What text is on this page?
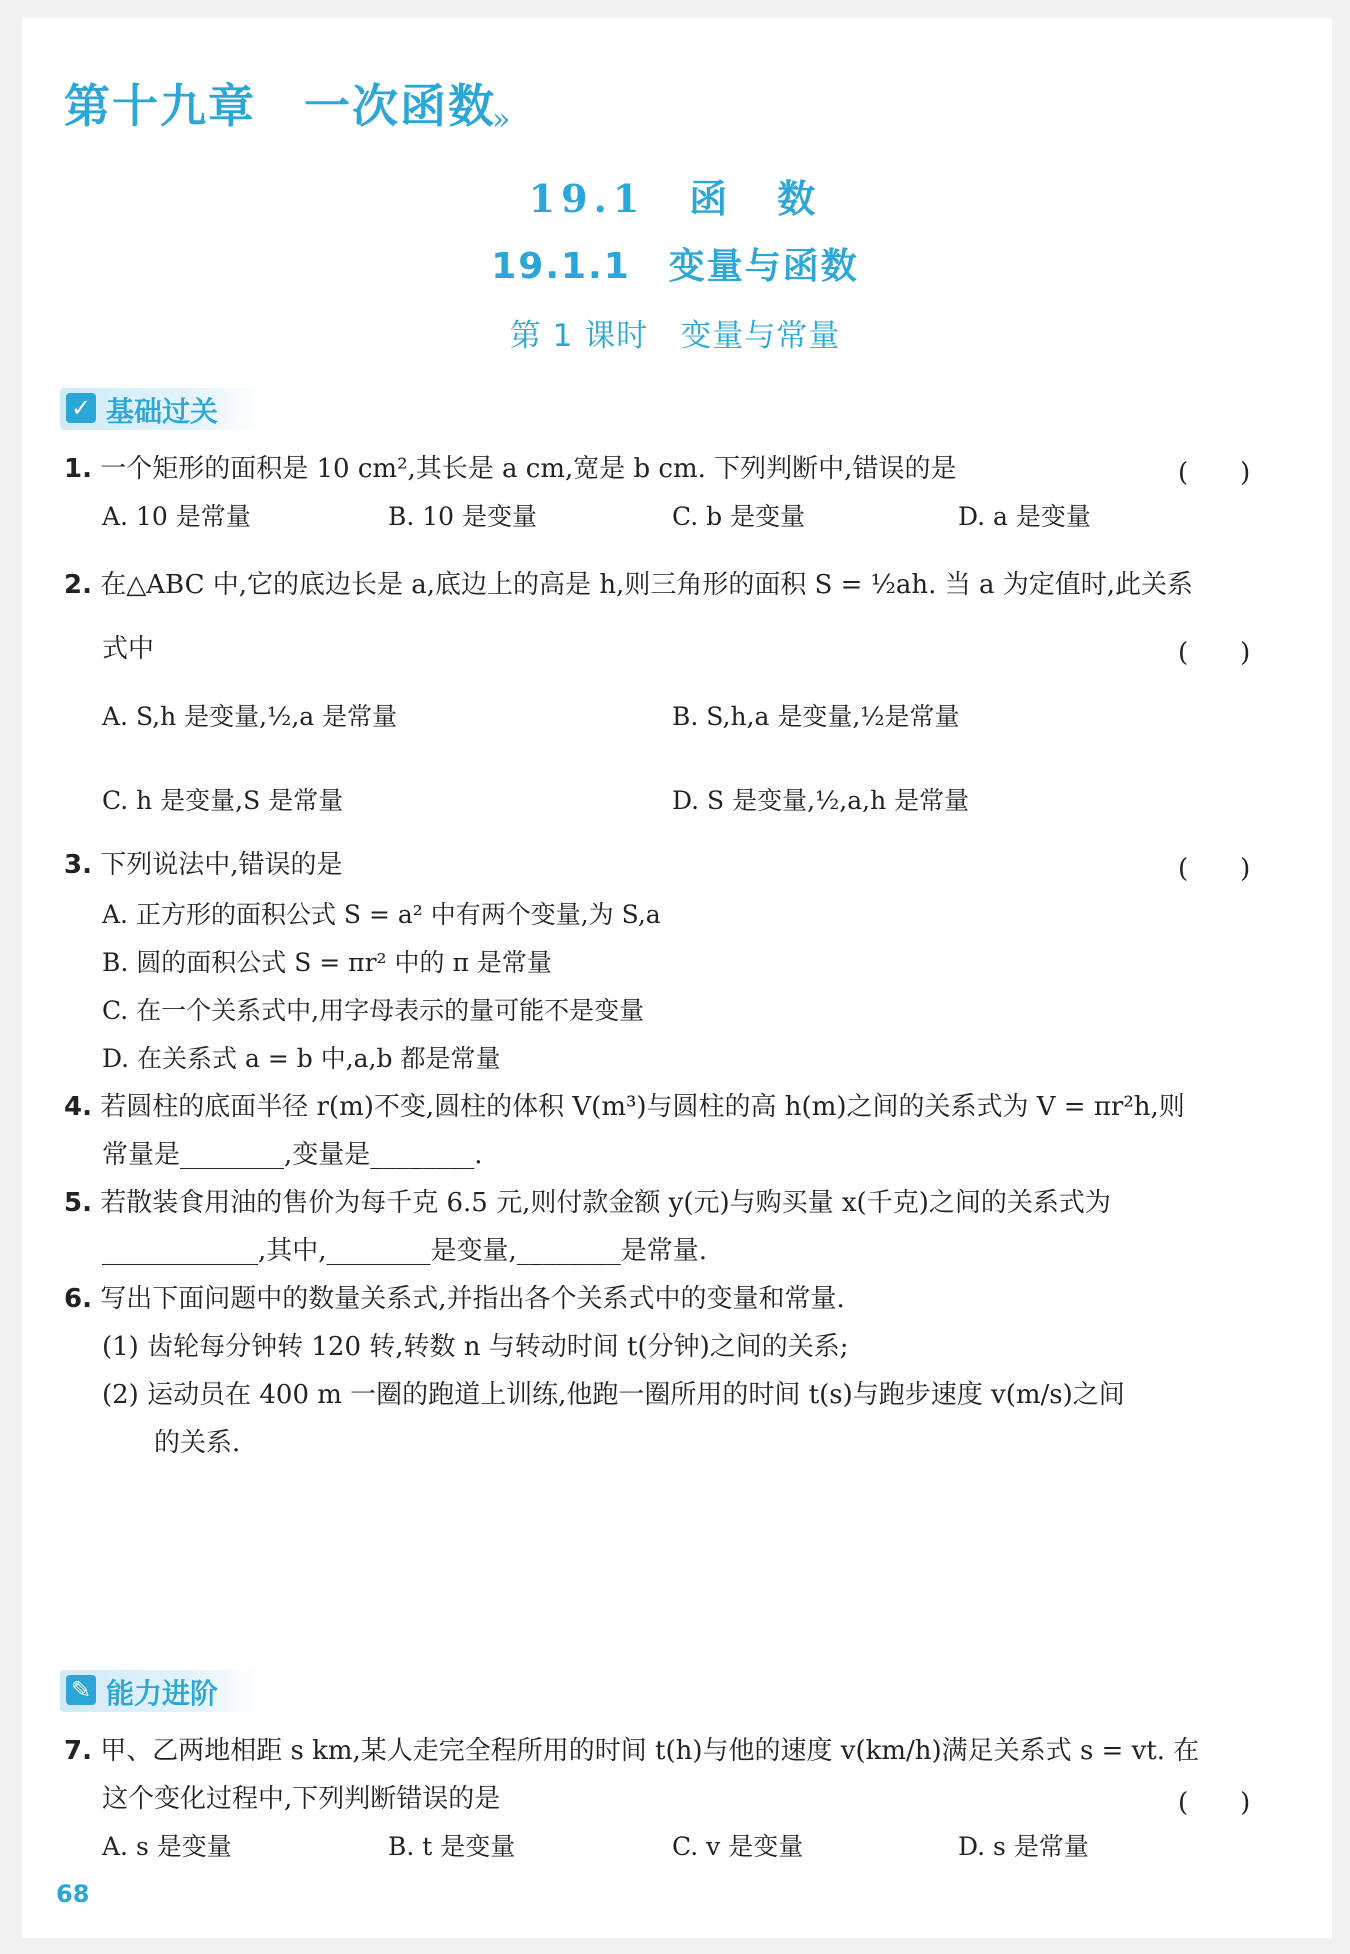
第十九章　一次函数
»
19.1　函　数
19.1.1　变量与函数
第 1 课时　变量与常量
✓ 基础过关
1. 一个矩形的面积是 10 cm²,其长是 a cm,宽是 b cm. 下列判断中,错误的是	(　　)
A. 10 是常量	B. 10 是变量	C. b 是变量	D. a 是变量
2. 在△ABC 中,它的底边长是 a,底边上的高是 h,则三角形的面积 S = ½ah. 当 a 为定值时,此关系
式中	(　　)
A. S,h 是变量,½,a 是常量	B. S,h,a 是变量,½是常量
C. h 是变量,S 是常量	D. S 是变量,½,a,h 是常量
3. 下列说法中,错误的是	(　　)
A. 正方形的面积公式 S = a² 中有两个变量,为 S,a
B. 圆的面积公式 S = πr² 中的 π 是常量
C. 在一个关系式中,用字母表示的量可能不是变量
D. 在关系式 a = b 中,a,b 都是常量
4. 若圆柱的底面半径 r(m)不变,圆柱的体积 V(m³)与圆柱的高 h(m)之间的关系式为 V = πr²h,则
常量是________,变量是________.
5. 若散装食用油的售价为每千克 6.5 元,则付款金额 y(元)与购买量 x(千克)之间的关系式为
____________,其中,________是变量,________是常量.
6. 写出下面问题中的数量关系式,并指出各个关系式中的变量和常量.
(1) 齿轮每分钟转 120 转,转数 n 与转动时间 t(分钟)之间的关系;
(2) 运动员在 400 m 一圈的跑道上训练,他跑一圈所用的时间 t(s)与跑步速度 v(m/s)之间
的关系.
✎ 能力进阶
7. 甲、乙两地相距 s km,某人走完全程所用的时间 t(h)与他的速度 v(km/h)满足关系式 s = vt. 在
这个变化过程中,下列判断错误的是	(　　)
A. s 是变量	B. t 是变量	C. v 是变量	D. s 是常量
68
